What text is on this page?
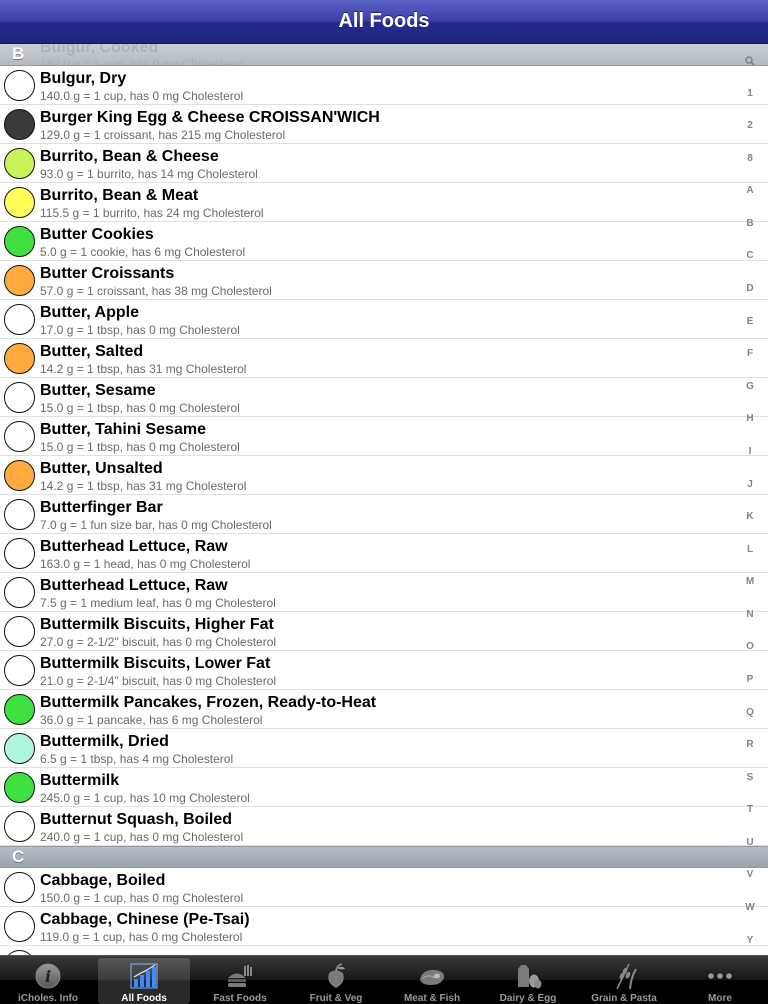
All Foods
B
Bulgur, Dry
140.0 g = 1 cup, has 0 mg Cholesterol
Burger King Egg & Cheese CROISSAN'WICH
129.0 g = 1 croissant, has 215 mg Cholesterol
Burrito, Bean & Cheese
93.0 g = 1 burrito, has 14 mg Cholesterol
Burrito, Bean & Meat
115.5 g = 1 burrito, has 24 mg Cholesterol
Butter Cookies
5.0 g = 1 cookie, has 6 mg Cholesterol
Butter Croissants
57.0 g = 1 croissant, has 38 mg Cholesterol
Butter, Apple
17.0 g = 1 tbsp, has 0 mg Cholesterol
Butter, Salted
14.2 g = 1 tbsp, has 31 mg Cholesterol
Butter, Sesame
15.0 g = 1 tbsp, has 0 mg Cholesterol
Butter, Tahini Sesame
15.0 g = 1 tbsp, has 0 mg Cholesterol
Butter, Unsalted
14.2 g = 1 tbsp, has 31 mg Cholesterol
Butterfinger Bar
7.0 g = 1 fun size bar, has 0 mg Cholesterol
Butterhead Lettuce, Raw
163.0 g = 1 head, has 0 mg Cholesterol
Butterhead Lettuce, Raw
7.5 g = 1 medium leaf, has 0 mg Cholesterol
Buttermilk Biscuits, Higher Fat
27.0 g = 2-1/2" biscuit, has 0 mg Cholesterol
Buttermilk Biscuits, Lower Fat
21.0 g = 2-1/4" biscuit, has 0 mg Cholesterol
Buttermilk Pancakes, Frozen, Ready-to-Heat
36.0 g = 1 pancake, has 6 mg Cholesterol
Buttermilk, Dried
6.5 g = 1 tbsp, has 4 mg Cholesterol
Buttermilk
245.0 g = 1 cup, has 10 mg Cholesterol
Butternut Squash, Boiled
240.0 g = 1 cup, has 0 mg Cholesterol
C
Cabbage, Boiled
150.0 g = 1 cup, has 0 mg Cholesterol
Cabbage, Chinese (Pe-Tsai)
119.0 g = 1 cup, has 0 mg Cholesterol
1
2
8
A
B
C
D
E
F
G
H
I
J
K
L
M
N
O
P
Q
R
S
T
U
V
W
Y
i
iCholes. Info	All Foods	Fast Foods	Fruit & Veg	Meat & Fish	Dairy & Egg	Grain & Pasta	More
